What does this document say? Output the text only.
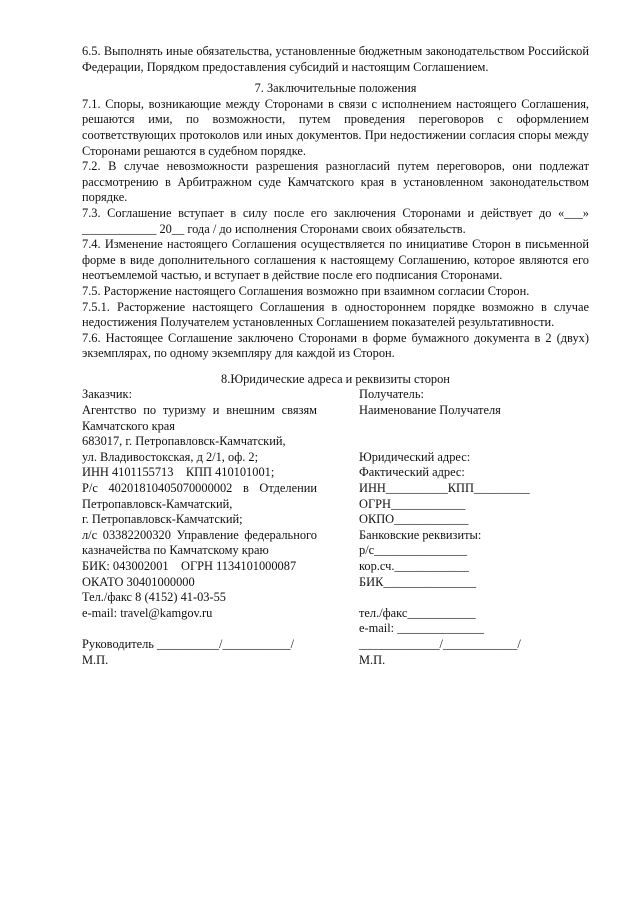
6.5. Выполнять иные обязательства, установленные бюджетным законодательством Российской Федерации, Порядком предоставления субсидий и настоящим Соглашением.

7. Заключительные положения

7.1. Споры, возникающие между Сторонами в связи с исполнением настоящего Соглашения, решаются ими, по возможности, путем проведения переговоров с оформлением соответствующих протоколов или иных документов. При недостижении согласия споры между Сторонами решаются в судебном порядке.

7.2. В случае невозможности разрешения разногласий путем переговоров, они подлежат рассмотрению в Арбитражном суде Камчатского края в установленном законодательством порядке.

7.3. Соглашение вступает в силу после его заключения Сторонами и действует до «___» ____________ 20__ года / до исполнения Сторонами своих обязательств.

7.4. Изменение настоящего Соглашения осуществляется по инициативе Сторон в письменной форме в виде дополнительного соглашения к настоящему Соглашению, которое являются его неотъемлемой частью, и вступает в действие после его подписания Сторонами.

7.5. Расторжение настоящего Соглашения возможно при взаимном согласии Сторон.

7.5.1. Расторжение настоящего Соглашения в одностороннем порядке возможно в случае недостижения Получателем установленных Соглашением показателей результативности.

7.6. Настоящее Соглашение заключено Сторонами в форме бумажного документа в 2 (двух) экземплярах, по одному экземпляру для каждой из Сторон.

8.Юридические адреса и реквизиты сторон

Заказчик:

Агентство по туризму и внешним связям Камчатского края

683017, г. Петропавловск-Камчатский,

ул. Владивостокская, д 2/1, оф. 2;

ИНН 4101155713    КПП 410101001;

Р/с 40201810405070000002 в Отделении Петропавловск-Камчатский,

г. Петропавловск-Камчатский;

л/с 03382200320 Управление федерального казначейства по Камчатскому краю

БИК: 043002001    ОГРН 1134101000087

ОКАТО 30401000000

Тел./факс 8 (4152) 41-03-55

e-mail: travel@kamgov.ru

Руководитель __________/___________/

М.П.

Получатель:

Наименование Получателя

Юридический адрес:

Фактический адрес:

ИНН__________КПП_________

ОГРН____________

ОКПО____________

Банковские реквизиты:

р/с_______________

кор.сч.____________

БИК_______________

тел./факс___________

e-mail: ______________

_____________/____________/

М.П.
